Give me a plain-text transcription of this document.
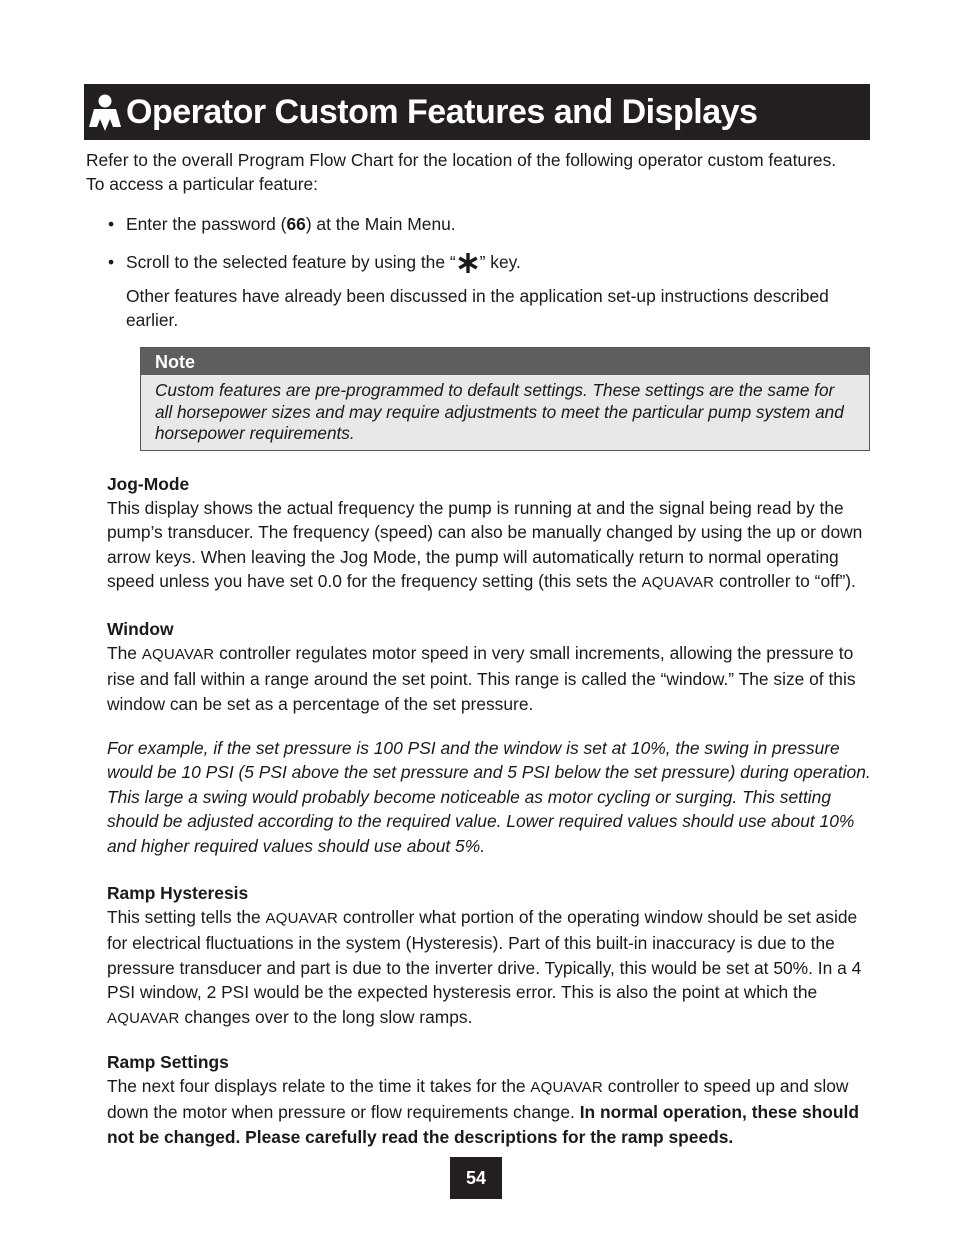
Operator Custom Features and Displays

Refer to the overall Program Flow Chart for the location of the following operator custom features.
To access a particular feature:

• Enter the password (66) at the Main Menu.
• Scroll to the selected feature by using the “ ” key.

Other features have already been discussed in the application set-up instructions described earlier.

Note
Custom features are pre-programmed to default settings. These settings are the same for all horsepower sizes and may require adjustments to meet the particular pump system and horsepower requirements.

Jog-Mode

This display shows the actual frequency the pump is running at and the signal being read by the pump’s transducer. The frequency (speed) can also be manually changed by using the up or down arrow keys. When leaving the Jog Mode, the pump will automatically return to normal operating speed unless you have set 0.0 for the frequency setting (this sets the AQUAVAR controller to “off”).

Window

The AQUAVAR controller regulates motor speed in very small increments, allowing the pressure to rise and fall within a range around the set point. This range is called the “window.” The size of this window can be set as a percentage of the set pressure.

For example, if the set pressure is 100 PSI and the window is set at 10%, the swing in pressure would be 10 PSI (5 PSI above the set pressure and 5 PSI below the set pressure) during operation. This large a swing would probably become noticeable as motor cycling or surging. This setting should be adjusted according to the required value. Lower required values should use about 10% and higher required values should use about 5%.

Ramp Hysteresis

This setting tells the AQUAVAR controller what portion of the operating window should be set aside for electrical fluctuations in the system (Hysteresis). Part of this built-in inaccuracy is due to the pressure transducer and part is due to the inverter drive. Typically, this would be set at 50%. In a 4 PSI window, 2 PSI would be the expected hysteresis error. This is also the point at which the AQUAVAR changes over to the long slow ramps.

Ramp Settings

The next four displays relate to the time it takes for the AQUAVAR controller to speed up and slow down the motor when pressure or flow requirements change. In normal operation, these should not be changed. Please carefully read the descriptions for the ramp speeds.

54
